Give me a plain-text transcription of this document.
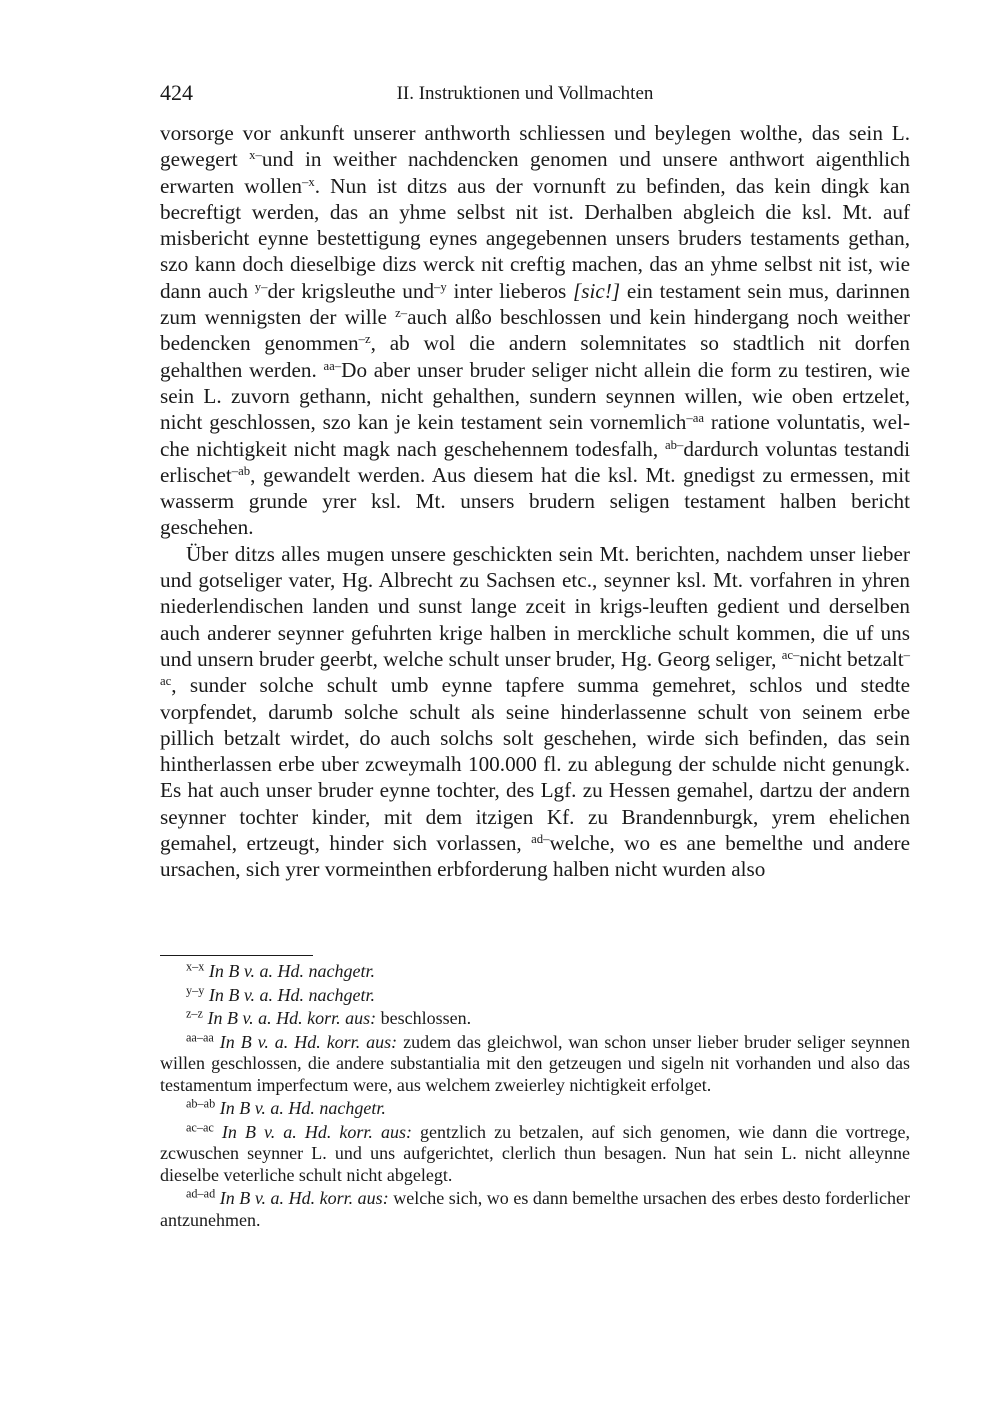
424	II. Instruktionen und Vollmachten

vorsorge vor ankunft unserer anthworth schliessen und beylegen wolthe, das sein L. gewegert $^{x-}$und in weither nachdencken genomen und unsere anthwort aigenthlich erwarten wollen$^{-x}$. Nun ist ditzs aus der vornunft zu befinden, das kein dingk kan becreftigt werden, das an yhme selbst nit ist. Derhalben abgleich die ksl. Mt. auf misbericht eynne bestettigung eynes angegebennen unsers bruders testaments gethan, szo kann doch dieselbige dizs werck nit creftig machen, das an yhme selbst nit ist, wie dann auch $^{y-}$der krigsleuthe und$^{-y}$ inter lieberos [sic!] ein testament sein mus, darinnen zum wennigsten der wille $^{z-}$auch alßo beschlossen und kein hindergang noch weither bedencken genommen$^{-z}$, ab wol die andern solemnitates so stadtlich nit dorfen gehalthen werden. $^{aa-}$Do aber unser bruder seliger nicht allein die form zu testiren, wie sein L. zuvorn gethann, nicht gehalthen, sundern seynnen willen, wie oben ertzelet, nicht geschlossen, szo kan je kein testament sein vornemlich$^{-aa}$ ratione voluntatis, wel-che nichtigkeit nicht magk nach geschehennem todesfalh, $^{ab-}$dardurch voluntas testandi erlischet$^{-ab}$, gewandelt werden. Aus diesem hat die ksl. Mt. gnedigst zu ermessen, mit wasserm grunde yrer ksl. Mt. unsers brudern seligen testament halben bericht geschehen.

Über ditzs alles mugen unsere geschickten sein Mt. berichten, nachdem unser lieber und gotseliger vater, Hg. Albrecht zu Sachsen etc., seynner ksl. Mt. vorfahren in yhren niederlendischen landen und sunst lange zceit in krigs-leuften gedient und derselben auch anderer seynner gefuhrten krige halben in merckliche schult kommen, die uf uns und unsern bruder geerbt, welche schult unser bruder, Hg. Georg seliger, $^{ac-}$nicht betzalt$^{-ac}$, sunder solche schult umb eynne tapfere summa gemehret, schlos und stedte vorpfendet, darumb solche schult als seine hinderlassenne schult von seinem erbe pillich betzalt wirdet, do auch solchs solt geschehen, wirde sich befinden, das sein hintherlassen erbe uber zcweymalh 100.000 fl. zu ablegung der schulde nicht genungk. Es hat auch unser bruder eynne tochter, des Lgf. zu Hessen gemahel, dartzu der andern seynner tochter kinder, mit dem itzigen Kf. zu Brandennburgk, yrem ehelichen gemahel, ertzeugt, hinder sich vorlassen, $^{ad-}$welche, wo es ane bemelthe und andere ursachen, sich yrer vormeinthen erbforderung halben nicht wurden also

$^{x-x}$ In B v. a. Hd. nachgetr.

$^{y-y}$ In B v. a. Hd. nachgetr.

$^{z-z}$ In B v. a. Hd. korr. aus: beschlossen.

$^{aa-aa}$ In B v. a. Hd. korr. aus: zudem das gleichwol, wan schon unser lieber bruder seliger seynnen willen geschlossen, die andere substantialia mit den getzeugen und sigeln nit vorhanden und also das testamentum imperfectum were, aus welchem zweierley nichtigkeit erfolget.

$^{ab-ab}$ In B v. a. Hd. nachgetr.

$^{ac-ac}$ In B v. a. Hd. korr. aus: gentzlich zu betzalen, auf sich genomen, wie dann die vortrege, zcwuschen seynner L. und uns aufgerichtet, clerlich thun besagen. Nun hat sein L. nicht alleynne dieselbe veterliche schult nicht abgelegt.

$^{ad-ad}$ In B v. a. Hd. korr. aus: welche sich, wo es dann bemelthe ursachen des erbes desto forderlicher antzunehmen.
